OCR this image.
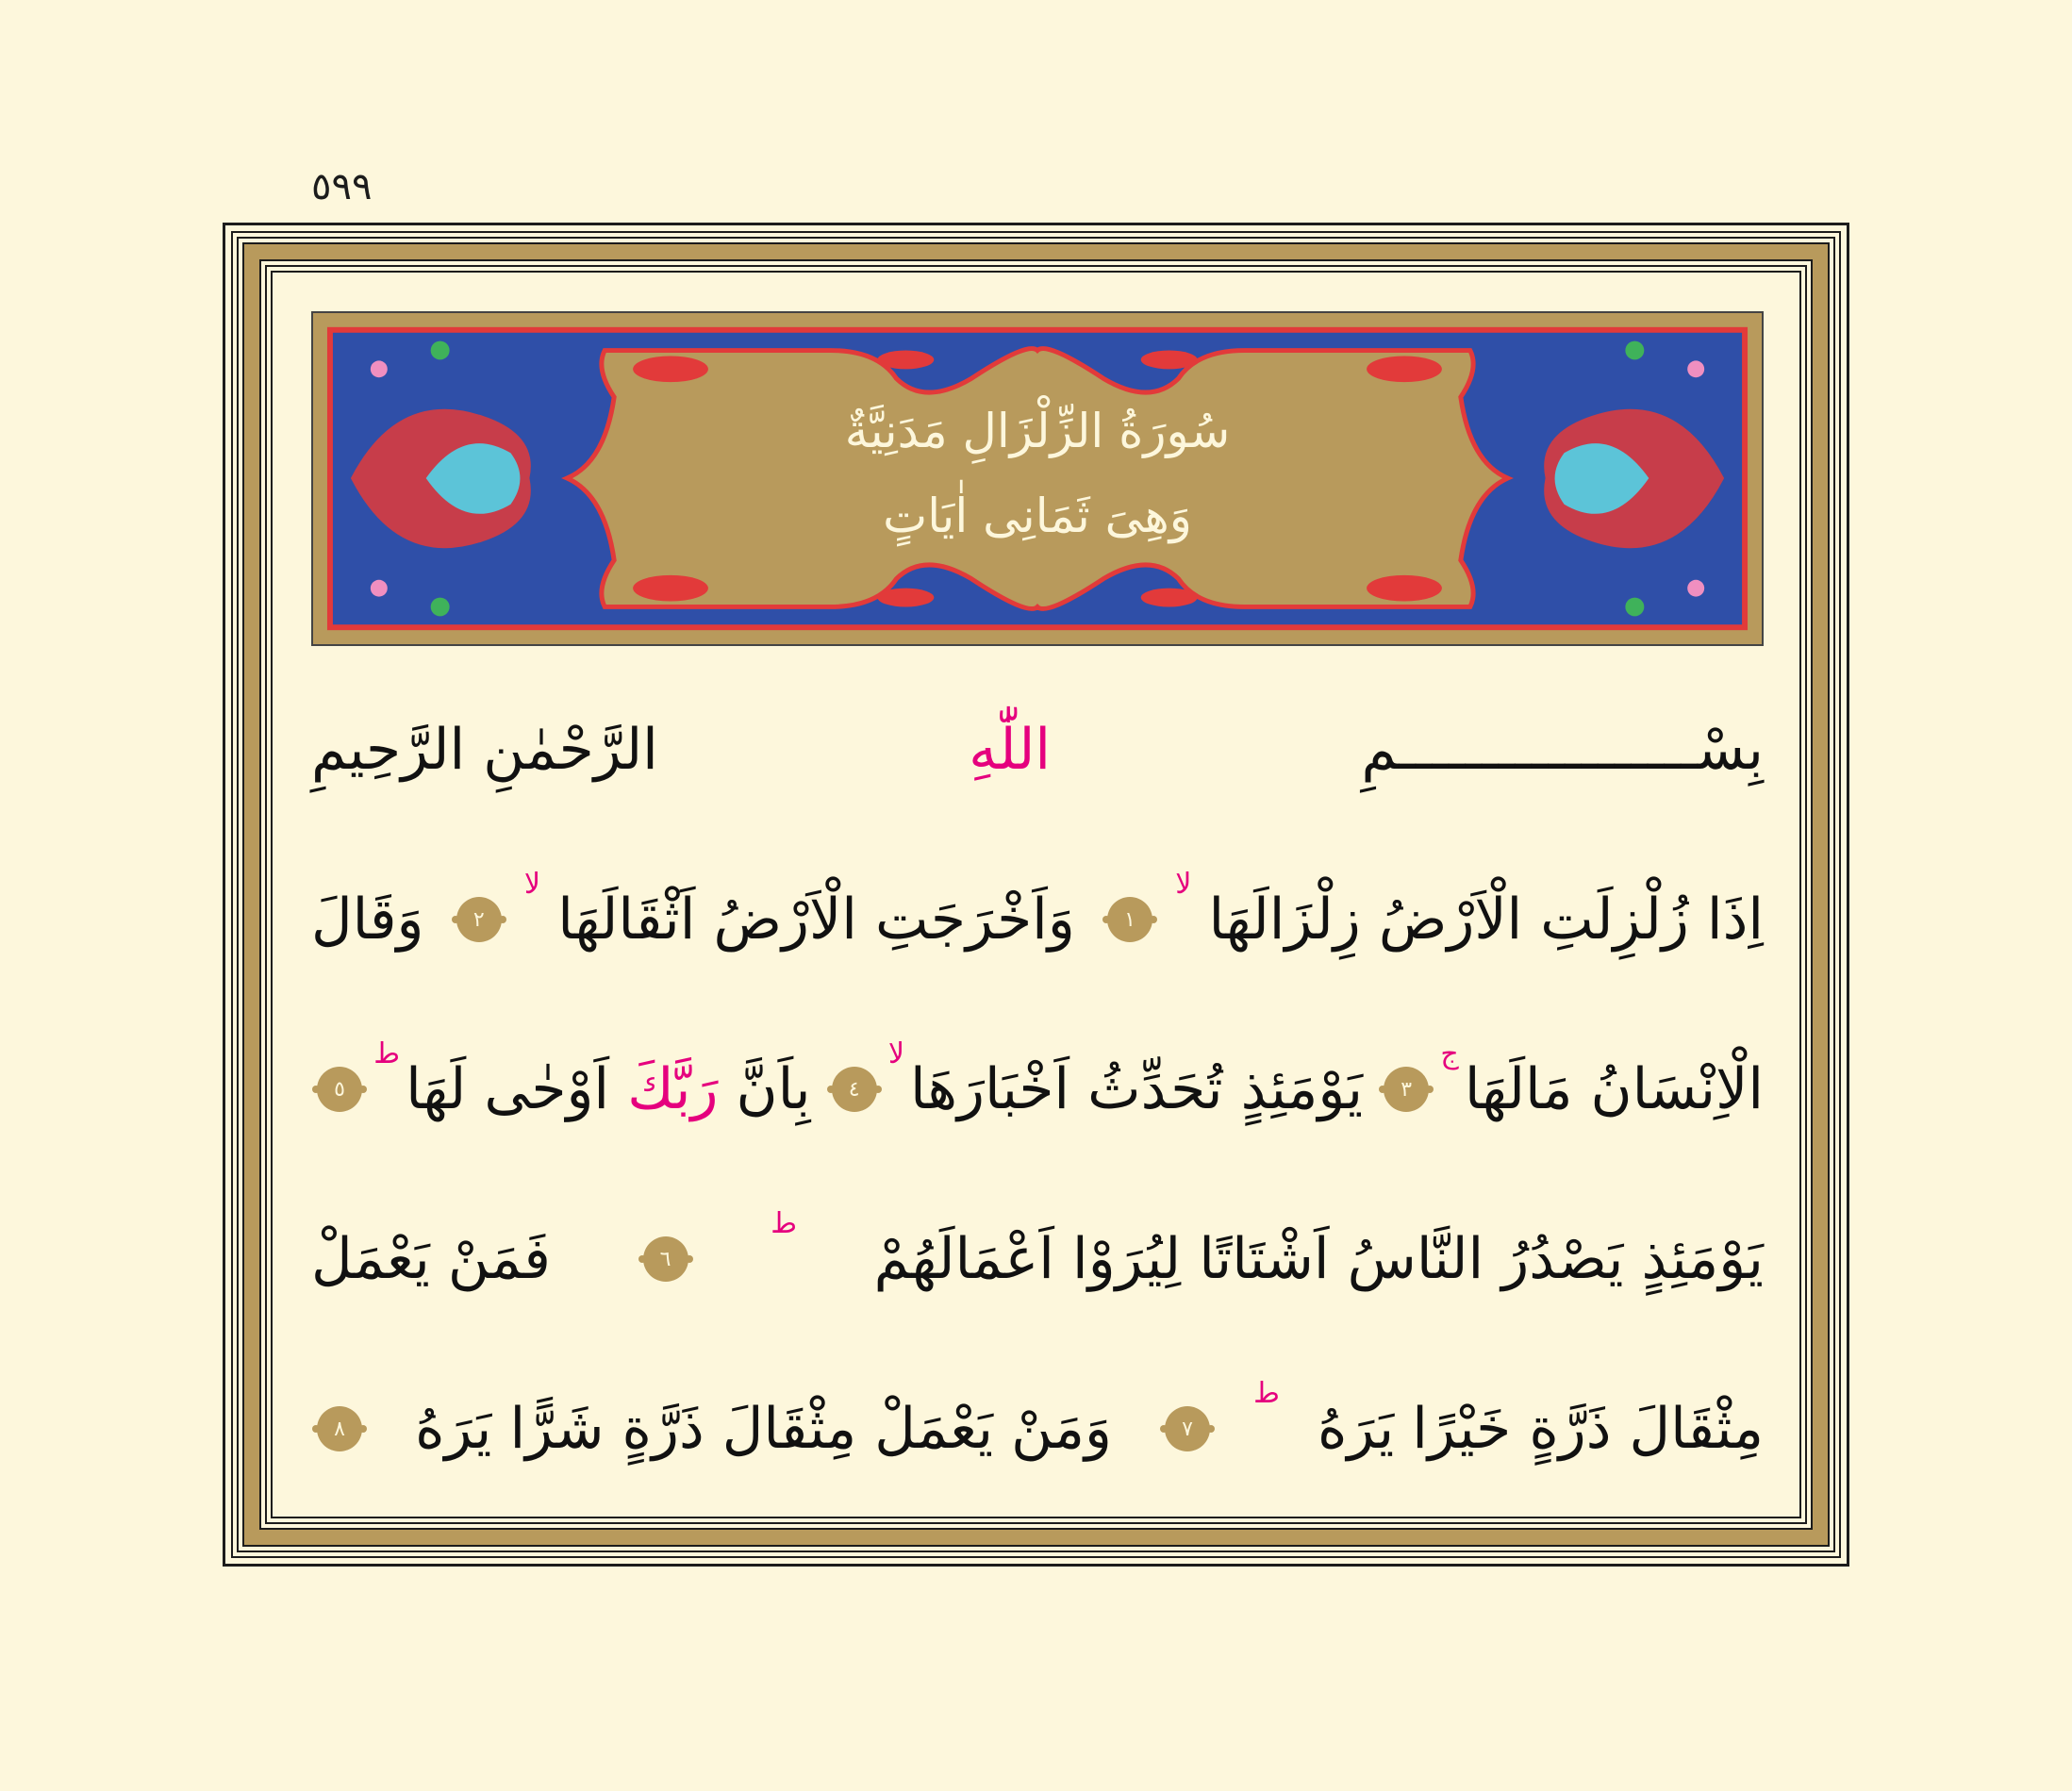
٥٩٩
سُورَةُ الزِّلْزَالِ مَدَنِيَّةٌ
وَهِىَ ثَمَانِى اٰيَاتٍ
بِسْــــــــــــــــــمِ
اللّٰهِ
الرَّحْمٰنِ الرَّحِيمِ
اِذَا زُلْزِلَتِ الْاَرْضُ زِلْزَالَهَا
لا
١
وَاَخْرَجَتِ الْاَرْضُ اَثْقَالَهَا
لا
٢
وَقَالَ
الْاِنْسَانُ مَالَهَا
ج
٣
يَوْمَئِذٍ تُحَدِّثُ اَخْبَارَهَا
لا
٤
بِاَنَّ رَبَّكَ اَوْحٰى لَهَا
ط
٥
يَوْمَئِذٍ يَصْدُرُ النَّاسُ اَشْتَاتًا لِيُرَوْا اَعْمَالَهُمْ
ط
٦
فَمَنْ يَعْمَلْ
مِثْقَالَ ذَرَّةٍ خَيْرًا يَرَهُ
ط
٧
وَمَنْ يَعْمَلْ مِثْقَالَ ذَرَّةٍ شَرًّا يَرَهُ
٨
